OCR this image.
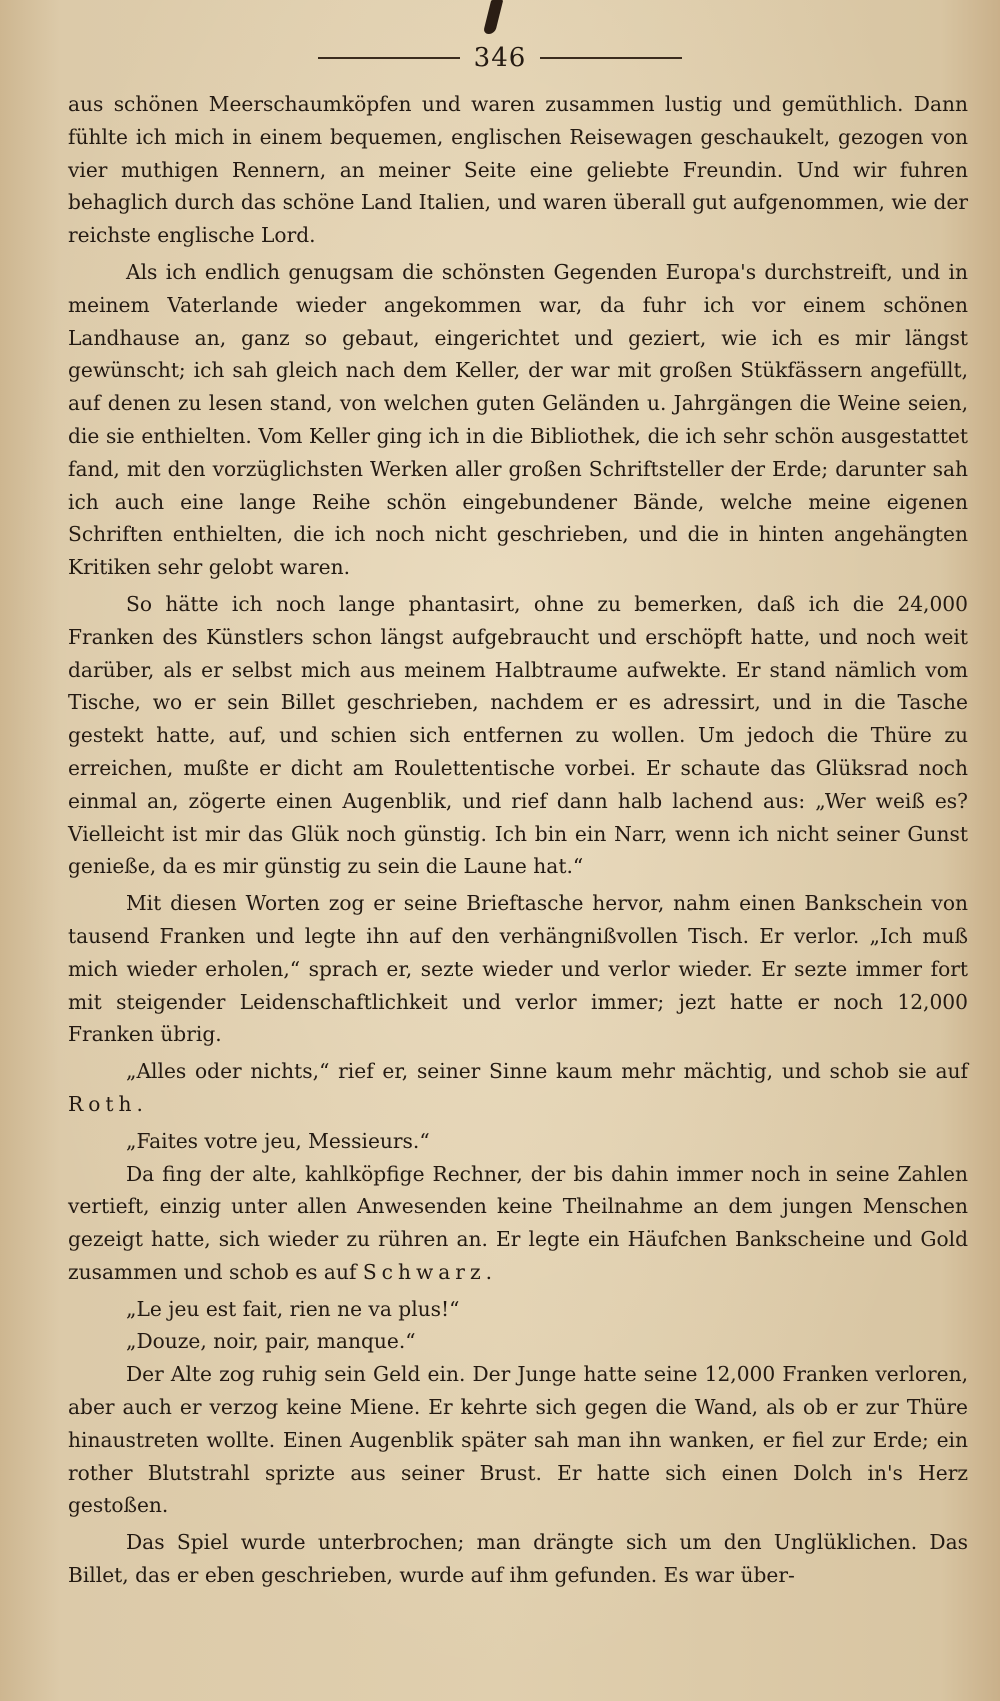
346

aus schönen Meerschaumköpfen und waren zusammen lustig und gemüthlich. Dann fühlte ich mich in einem bequemen, englischen Reisewagen geschaukelt, gezogen von vier muthigen Rennern, an meiner Seite eine geliebte Freundin. Und wir fuhren behaglich durch das schöne Land Italien, und waren überall gut aufgenommen, wie der reichste englische Lord.

Als ich endlich genugsam die schönsten Gegenden Europa's durchstreift, und in meinem Vaterlande wieder angekommen war, da fuhr ich vor einem schönen Landhause an, ganz so gebaut, eingerichtet und geziert, wie ich es mir längst gewünscht; ich sah gleich nach dem Keller, der war mit großen Stükfässern angefüllt, auf denen zu lesen stand, von welchen guten Geländen u. Jahrgängen die Weine seien, die sie enthielten. Vom Keller ging ich in die Bibliothek, die ich sehr schön ausgestattet fand, mit den vorzüglichsten Werken aller großen Schriftsteller der Erde; darunter sah ich auch eine lange Reihe schön eingebundener Bände, welche meine eigenen Schriften enthielten, die ich noch nicht geschrieben, und die in hinten angehängten Kritiken sehr gelobt waren.

So hätte ich noch lange phantasirt, ohne zu bemerken, daß ich die 24,000 Franken des Künstlers schon längst aufgebraucht und erschöpft hatte, und noch weit darüber, als er selbst mich aus meinem Halbtraume aufwekte. Er stand nämlich vom Tische, wo er sein Billet geschrieben, nachdem er es adressirt, und in die Tasche gestekt hatte, auf, und schien sich entfernen zu wollen. Um jedoch die Thüre zu erreichen, mußte er dicht am Roulettentische vorbei. Er schaute das Glüksrad noch einmal an, zögerte einen Augenblik, und rief dann halb lachend aus: „Wer weiß es? Vielleicht ist mir das Glük noch günstig. Ich bin ein Narr, wenn ich nicht seiner Gunst genieße, da es mir günstig zu sein die Laune hat.“

Mit diesen Worten zog er seine Brieftasche hervor, nahm einen Bankschein von tausend Franken und legte ihn auf den verhängnißvollen Tisch. Er verlor. „Ich muß mich wieder erholen,“ sprach er, sezte wieder und verlor wieder. Er sezte immer fort mit steigender Leidenschaftlichkeit und verlor immer; jezt hatte er noch 12,000 Franken übrig.

„Alles oder nichts,“ rief er, seiner Sinne kaum mehr mächtig, und schob sie auf Roth.

„Faites votre jeu, Messieurs.“

Da fing der alte, kahlköpfige Rechner, der bis dahin immer noch in seine Zahlen vertieft, einzig unter allen Anwesenden keine Theilnahme an dem jungen Menschen gezeigt hatte, sich wieder zu rühren an. Er legte ein Häufchen Bankscheine und Gold zusammen und schob es auf Schwarz.

„Le jeu est fait, rien ne va plus!“

„Douze, noir, pair, manque.“

Der Alte zog ruhig sein Geld ein. Der Junge hatte seine 12,000 Franken verloren, aber auch er verzog keine Miene. Er kehrte sich gegen die Wand, als ob er zur Thüre hinaustreten wollte. Einen Augenblik später sah man ihn wanken, er fiel zur Erde; ein rother Blutstrahl sprizte aus seiner Brust. Er hatte sich einen Dolch in's Herz gestoßen.

Das Spiel wurde unterbrochen; man drängte sich um den Unglüklichen. Das Billet, das er eben geschrieben, wurde auf ihm gefunden. Es war über-
